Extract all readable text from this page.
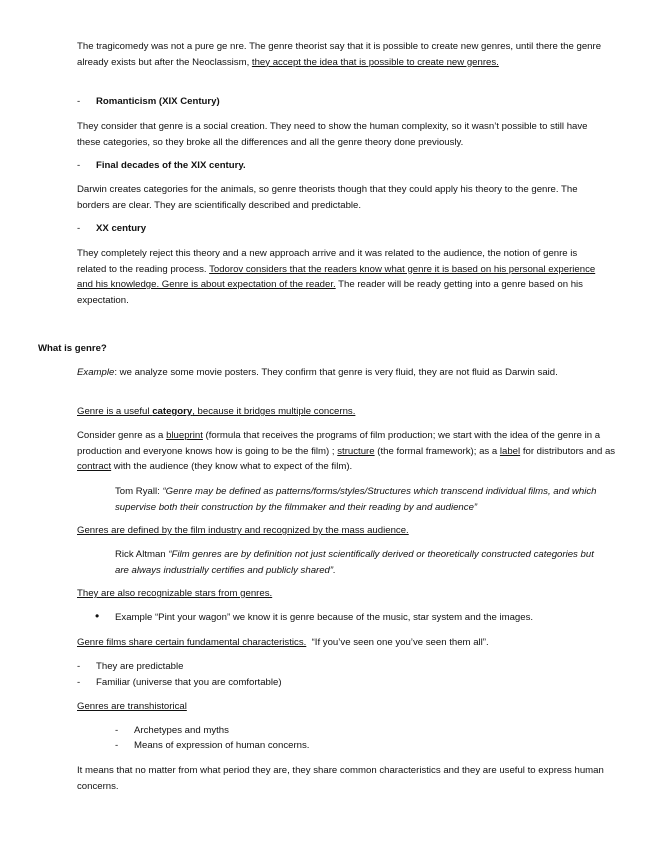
The tragicomedy was not a pure ge nre. The genre theorist say that it is possible to create new genres, until there the genre already exists but after the Neoclassism, they accept the idea that is possible to create new genres.
- Romanticism (XIX Century)
They consider that genre is a social creation. They need to show the human complexity, so it wasn’t possible to still have these categories, so they broke all the differences and all the genre theory done previously.
- Final decades of the XIX century.
Darwin creates categories for the animals, so genre theorists though that they could apply his theory to the genre. The borders are clear. They are scientifically described and predictable.
- XX century
They completely reject this theory and a new approach arrive and it was related to the audience, the notion of genre is related to the reading process. Todorov considers that the readers know what genre it is based on his personal experience and his knowledge. Genre is about expectation of the reader. The reader will be ready getting into a genre based on his expectation.
What is genre?
Example: we analyze some movie posters. They confirm that genre is very fluid, they are not fluid as Darwin said.
Genre is a useful category, because it bridges multiple concerns.
Consider genre as a blueprint (formula that receives the programs of film production; we start with the idea of the genre in a production and everyone knows how is going to be the film) ; structure (the formal framework); as a label for distributors and as contract with the audience (they know what to expect of the film).
Tom Ryall: “Genre may be defined as patterns/forms/styles/Structures which transcend individual films, and which supervise both their construction by the filmmaker and their reading by and audience”
Genres are defined by the film industry and recognized by the mass audience.
Rick Altman “Film genres are by definition not just scientifically derived or theoretically constructed categories but are always industrially certifies and publicly shared”.
They are also recognizable stars from genres.
• Example “Pint your wagon” we know it is genre because of the music, star system and the images.
Genre films share certain fundamental characteristics.  “If you’ve seen one you’ve seen them all”.
- They are predictable
- Familiar (universe that you are comfortable)
Genres are transhistorical
- Archetypes and myths
- Means of expression of human concerns.
It means that no matter from what period they are, they share common characteristics and they are useful to express human concerns.
